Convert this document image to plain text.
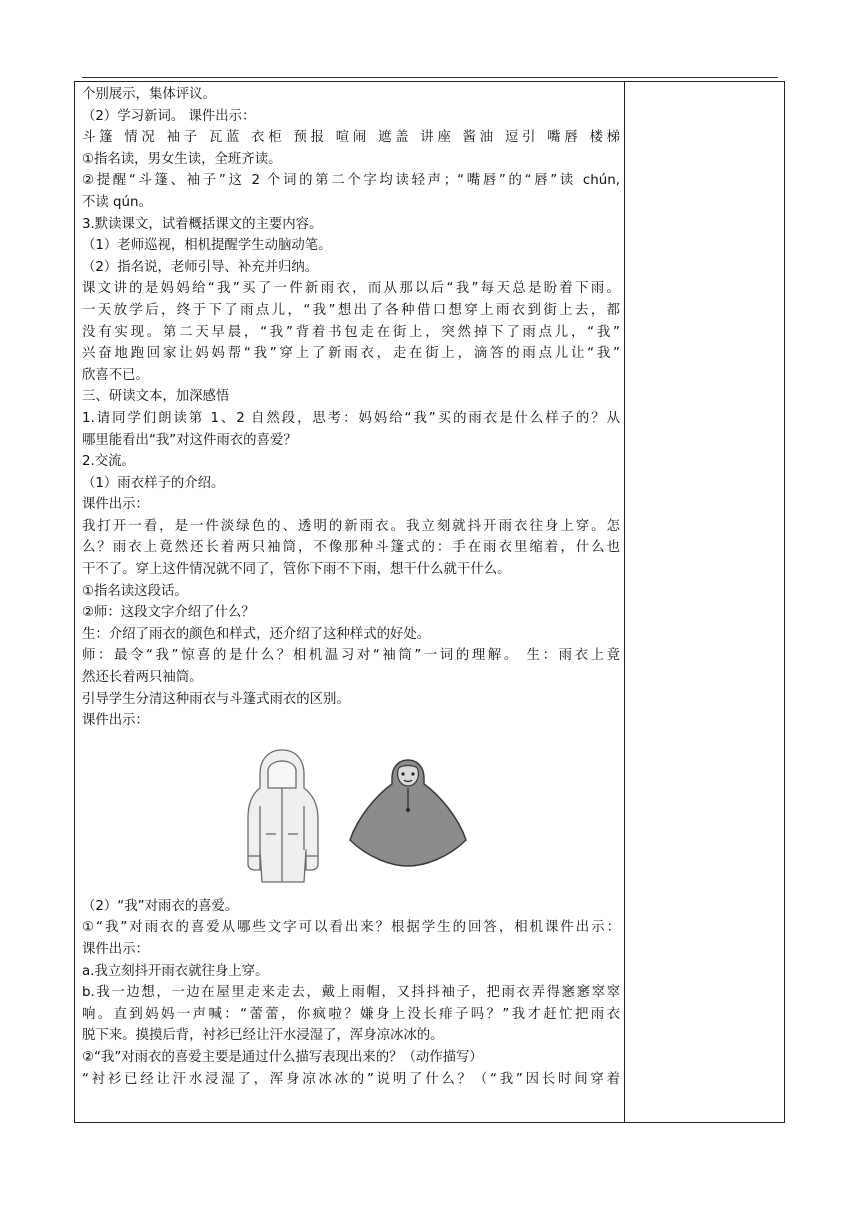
个别展示，集体评议。
（2）学习新词。 课件出示：
斗篷 情况 袖子 瓦蓝 衣柜 预报 喧闹 遮盖 讲座 酱油 逗引 嘴唇 楼梯
①指名读，男女生读，全班齐读。
②提醒“斗篷、袖子”这 2 个词的第二个字均读轻声；“嘴唇”的“唇”读 chún,
不读 qún。
3.默读课文，试着概括课文的主要内容。
（1）老师巡视，相机提醒学生动脑动笔。
（2）指名说，老师引导、补充并归纳。
课文讲的是妈妈给“我”买了一件新雨衣，而从那以后“我”每天总是盼着下雨。
一天放学后，终于下了雨点儿，“我”想出了各种借口想穿上雨衣到街上去，都
没有实现。第二天早晨，“我”背着书包走在街上，突然掉下了雨点儿，“我”
兴奋地跑回家让妈妈帮“我”穿上了新雨衣，走在街上，滴答的雨点儿让“我”
欣喜不已。
三、研读文本，加深感悟
1.请同学们朗读第 1、2 自然段，思考：妈妈给“我”买的雨衣是什么样子的？从
哪里能看出“我”对这件雨衣的喜爱？
2.交流。
（1）雨衣样子的介绍。
课件出示：
我打开一看，是一件淡绿色的、透明的新雨衣。我立刻就抖开雨衣往身上穿。怎
么？雨衣上竟然还长着两只袖筒，不像那种斗篷式的：手在雨衣里缩着，什么也
干不了。穿上这件情况就不同了，管你下雨不下雨，想干什么就干什么。
①指名读这段话。
②师：这段文字介绍了什么？
生：介绍了雨衣的颜色和样式，还介绍了这种样式的好处。
师：最令“我”惊喜的是什么？相机温习对“袖筒”一词的理解。 生：雨衣上竟
然还长着两只袖筒。
引导学生分清这种雨衣与斗篷式雨衣的区别。
课件出示：
（2）“我”对雨衣的喜爱。
①“我”对雨衣的喜爱从哪些文字可以看出来？根据学生的回答，相机课件出示：
课件出示：
a.我立刻抖开雨衣就往身上穿。
b.我一边想，一边在屋里走来走去，戴上雨帽，又抖抖袖子，把雨衣弄得窸窸窣窣
响。直到妈妈一声喊：“蕾蕾，你疯啦？嫌身上没长痱子吗？”我才赶忙把雨衣
脱下来。摸摸后背，衬衫已经让汗水浸湿了，浑身凉冰冰的。
②“我”对雨衣的喜爱主要是通过什么描写表现出来的？（动作描写）
“衬衫已经让汗水浸湿了，浑身凉冰冰的”说明了什么？（“我”因长时间穿着
